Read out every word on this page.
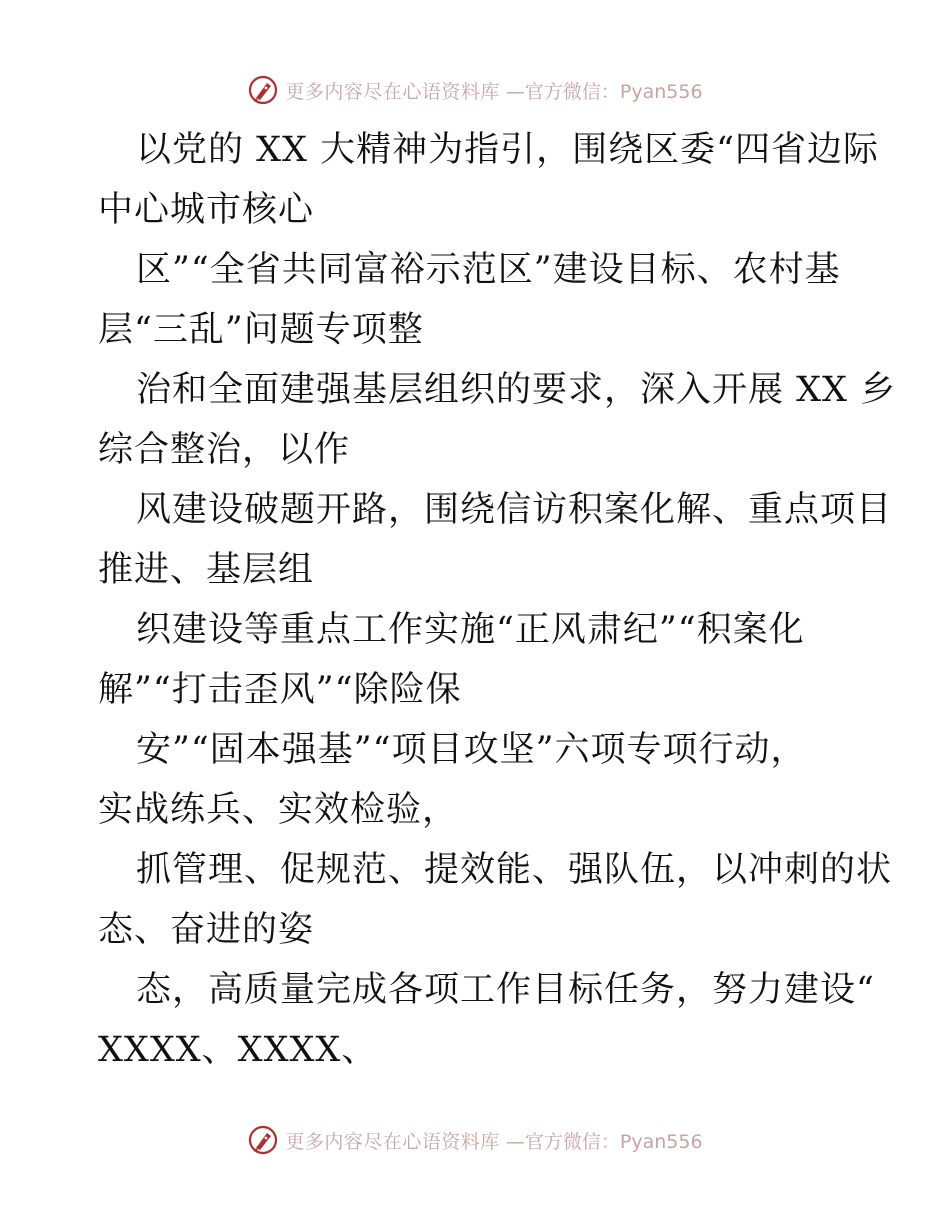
更多内容尽在心语资料库 —官方微信：Pyan556
以党的 XX 大精神为指引，围绕区委“四省边际
中心城市核心
区”“全省共同富裕示范区”建设目标、农村基
层“三乱”问题专项整
治和全面建强基层组织的要求，深入开展 XX 乡
综合整治，以作
风建设破题开路，围绕信访积案化解、重点项目
推进、基层组
织建设等重点工作实施“正风肃纪”“积案化
解”“打击歪风”“除险保
安”“固本强基”“项目攻坚”六项专项行动，
实战练兵、实效检验，
抓管理、促规范、提效能、强队伍，以冲刺的状
态、奋进的姿
态，高质量完成各项工作目标任务，努力建设“
XXXX、XXXX、
更多内容尽在心语资料库 —官方微信：Pyan556
